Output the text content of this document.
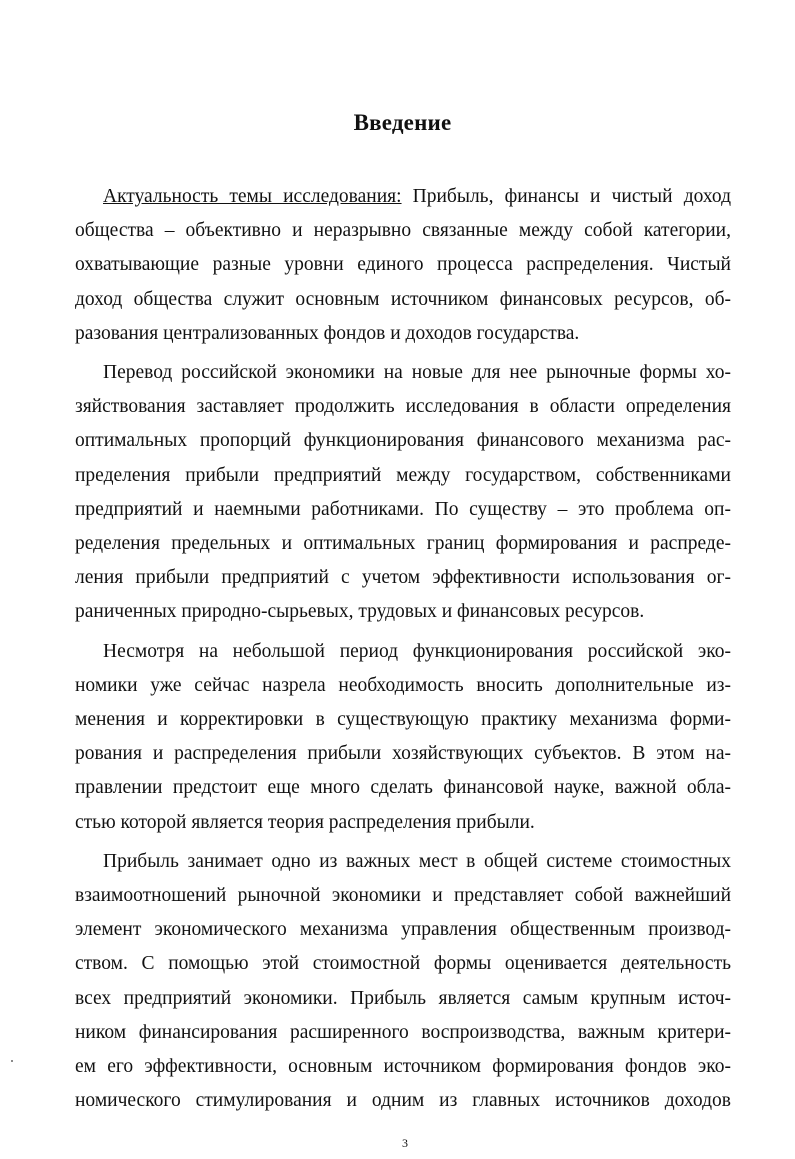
Введение
Актуальность темы исследования: Прибыль, финансы и чистый доход
общества – объективно и неразрывно связанные между собой категории,
охватывающие разные уровни единого процесса распределения. Чистый
доход общества служит основным источником финансовых ресурсов, об-
разования централизованных фондов и доходов государства.
Перевод российской экономики на новые для нее рыночные формы хо-
зяйствования заставляет продолжить исследования в области определения
оптимальных пропорций функционирования финансового механизма рас-
пределения прибыли предприятий между государством, собственниками
предприятий и наемными работниками. По существу – это проблема оп-
ределения предельных и оптимальных границ формирования и распреде-
ления прибыли предприятий с учетом эффективности использования ог-
раниченных природно-сырьевых, трудовых и финансовых ресурсов.
Несмотря на небольшой период функционирования российской эко-
номики уже сейчас назрела необходимость вносить дополнительные из-
менения и корректировки в существующую практику механизма форми-
рования и распределения прибыли хозяйствующих субъектов. В этом на-
правлении предстоит еще много сделать финансовой науке, важной обла-
стью которой является теория распределения прибыли.
Прибыль занимает одно из важных мест в общей системе стоимостных
взаимоотношений рыночной экономики и представляет собой важнейший
элемент экономического механизма управления общественным производ-
ством. С помощью этой стоимостной формы оценивается деятельность
всех предприятий экономики. Прибыль является самым крупным источ-
ником финансирования расширенного воспроизводства, важным критери-
ем его эффективности, основным источником формирования фондов эко-
номического стимулирования и одним из главных источников доходов
3
